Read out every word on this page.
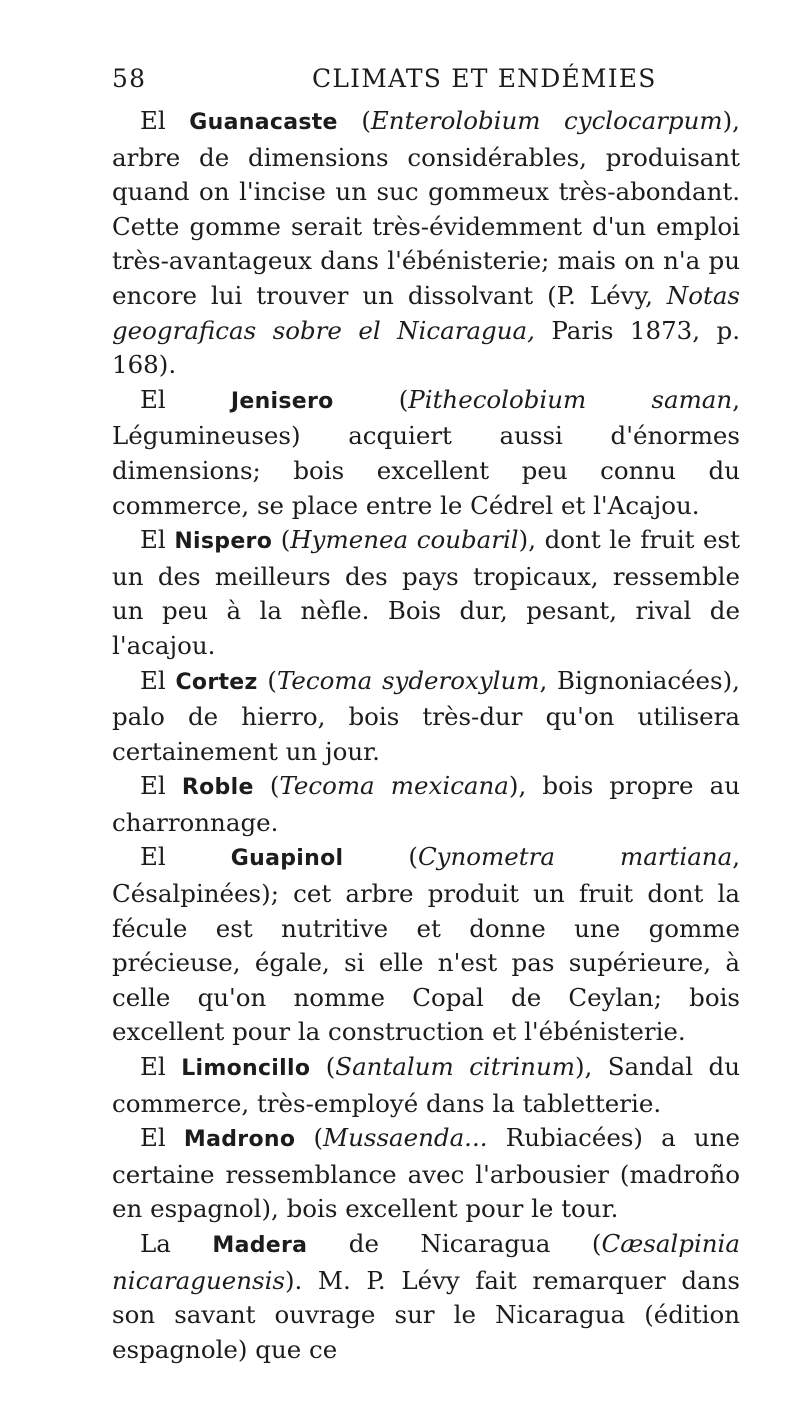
58	CLIMATS ET ENDÉMIES

El Guanacaste (Enterolobium cyclocarpum), arbre de dimensions considérables, produisant quand on l'incise un suc gommeux très-abondant. Cette gomme serait très-évidemment d'un emploi très-avantageux dans l'ébénisterie; mais on n'a pu encore lui trouver un dissolvant (P. Lévy, Notas geograficas sobre el Nicaragua, Paris 1873, p. 168).

El	Jenisero	(Pithecolobium saman, Légumineuses) acquiert aussi d'énormes dimensions; bois excellent peu connu du commerce, se place entre le Cédrel et l'Acajou.

El Nispero (Hymenea coubaril), dont le fruit est un des meilleurs des pays tropicaux, ressemble un peu à la nèfle. Bois dur, pesant, rival de l'acajou.

El Cortez (Tecoma syderoxylum, Bignoniacées), palo de hierro, bois très-dur qu'on utilisera certainement un jour.

El Roble (Tecoma mexicana), bois propre au charronnage.

El	Guapinol	(Cynometra martiana, Césalpinées); cet arbre produit un fruit dont la fécule est nutritive et donne une gomme précieuse, égale, si elle n'est pas supérieure, à celle qu'on nomme Copal de Ceylan; bois excellent pour la construction et l'ébénisterie.

El Limoncillo (Santalum citrinum), Sandal du commerce, très-employé dans la tabletterie.

El Madrono (Mussaenda... Rubiacées) a une certaine ressemblance avec l'arbousier (madroño en espagnol), bois excellent pour le tour.

La Madera de Nicaragua (Cæsalpinia nicaraguensis). M. P. Lévy fait remarquer dans son savant ouvrage sur le Nicaragua (édition espagnole) que ce
